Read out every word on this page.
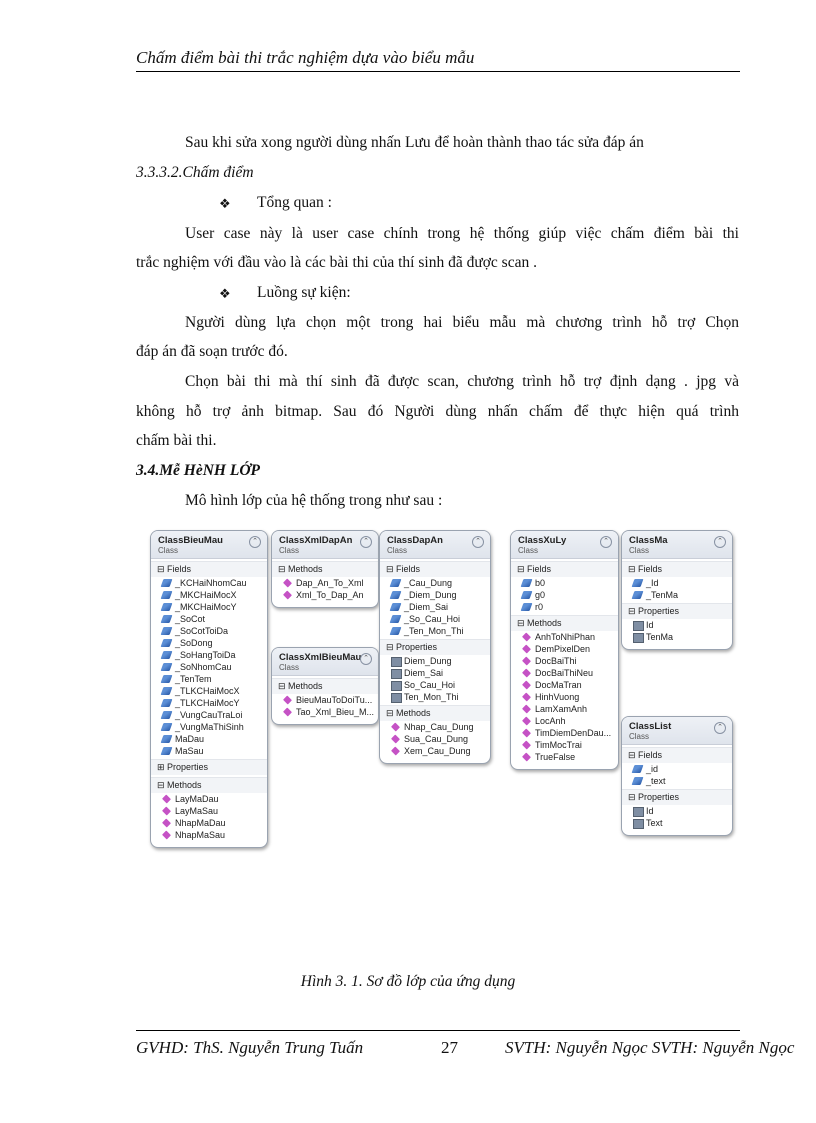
Chấm điểm bài thi trắc nghiệm dựa vào biểu mẫu
Sau khi sửa xong người dùng nhấn Lưu để hoàn thành thao tác sửa đáp án
3.3.3.2.Chấm điểm
❖ Tổng quan :
User case này là user case chính trong hệ thống giúp việc chấm điểm bài thi
trắc nghiệm với đầu vào là các bài thi của thí sinh đã được scan .
❖ Luồng sự kiện:
Người dùng lựa chọn một trong hai biểu mẫu mà chương trình hỗ trợ Chọn
đáp án đã soạn trước đó.
Chọn bài thi mà thí sinh đã được scan, chương trình hỗ trợ định dạng . jpg và
không hỗ trợ ảnh bitmap. Sau đó Người dùng nhấn chấm để thực hiện quá trình
chấm bài thi.
3.4.Mễ HèNH LỚP
Mô hình lớp của hệ thống trong như sau :
ClassBieuMau
Class
⌃
⊟ Fields
_KCHaiNhomCau
_MKCHaiMocX
_MKCHaiMocY
_SoCot
_SoCotToiDa
_SoDong
_SoHangToiDa
_SoNhomCau
_TenTem
_TLKCHaiMocX
_TLKCHaiMocY
_VungCauTraLoi
_VungMaThiSinh
MaDau
MaSau
⊞ Properties
⊟ Methods
LayMaDau
LayMaSau
NhapMaDau
NhapMaSau
ClassXmlDapAn
Class
⌃
⊟ Methods
Dap_An_To_Xml
Xml_To_Dap_An
ClassXmlBieuMau
Class
⌃
⊟ Methods
BieuMauToDoiTu...
Tao_Xml_Bieu_M...
ClassDapAn
Class
⌃
⊟ Fields
_Cau_Dung
_Diem_Dung
_Diem_Sai
_So_Cau_Hoi
_Ten_Mon_Thi
⊟ Properties
Diem_Dung
Diem_Sai
So_Cau_Hoi
Ten_Mon_Thi
⊟ Methods
Nhap_Cau_Dung
Sua_Cau_Dung
Xem_Cau_Dung
ClassXuLy
Class
⌃
⊟ Fields
b0
g0
r0
⊟ Methods
AnhToNhiPhan
DemPixelDen
DocBaiThi
DocBaiThiNeu
DocMaTran
HinhVuong
LamXamAnh
LocAnh
TimDiemDenDau...
TimMocTrai
TrueFalse
ClassMa
Class
⌃
⊟ Fields
_Id
_TenMa
⊟ Properties
Id
TenMa
ClassList
Class
⌃
⊟ Fields
_id
_text
⊟ Properties
Id
Text
Hình 3. 1. Sơ đồ lớp của ứng dụng
GVHD: ThS. Nguyễn Trung Tuấn	27	SVTH: Nguyễn Ngọc SVTH: Nguyễn Ngọc
